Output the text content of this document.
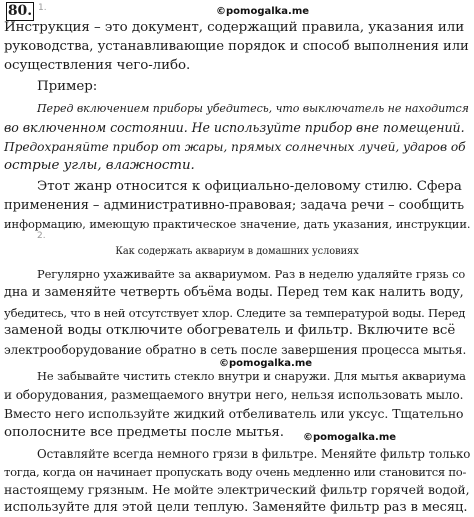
80. 1.	©pomogalka.me
Инструкция – это документ, содержащий правила, указания или
руководства, устанавливающие порядок и способ выполнения или
осуществления чего-либо.
Пример:
Перед включением приборы убедитесь, что выключатель не находится
во включенном состоянии. Не используйте прибор вне помещений.
Предохраняйте прибор от жары, прямых солнечных лучей, ударов об
острые углы, влажности.
Этот жанр относится к официально-деловому стилю. Сфера
применения – административно-правовая; задача речи – сообщить
информацию, имеющую практическое значение, дать указания, инструкции.
2.
Как содержать аквариум в домашних условиях
Регулярно ухаживайте за аквариумом. Раз в неделю удаляйте грязь со
дна и заменяйте четверть объёма воды. Перед тем как налить воду,
убедитесь, что в ней отсутствует хлор. Следите за температурой воды. Перед
заменой воды отключите обогреватель и фильтр. Включите всё
электрооборудование обратно в сеть после завершения процесса мытья.
©pomogalka.me
Не забывайте чистить стекло внутри и снаружи. Для мытья аквариума
и оборудования, размещаемого внутри него, нельзя использовать мыло.
Вместо него используйте жидкий отбеливатель или уксус. Тщательно
ополосните все предметы после мытья. ©pomogalka.me
Оставляйте всегда немного грязи в фильтре. Меняйте фильтр только
тогда, когда он начинает пропускать воду очень медленно или становится по-
настоящему грязным. Не мойте электрический фильтр горячей водой,
используйте для этой цели теплую. Заменяйте фильтр раз в месяц.
